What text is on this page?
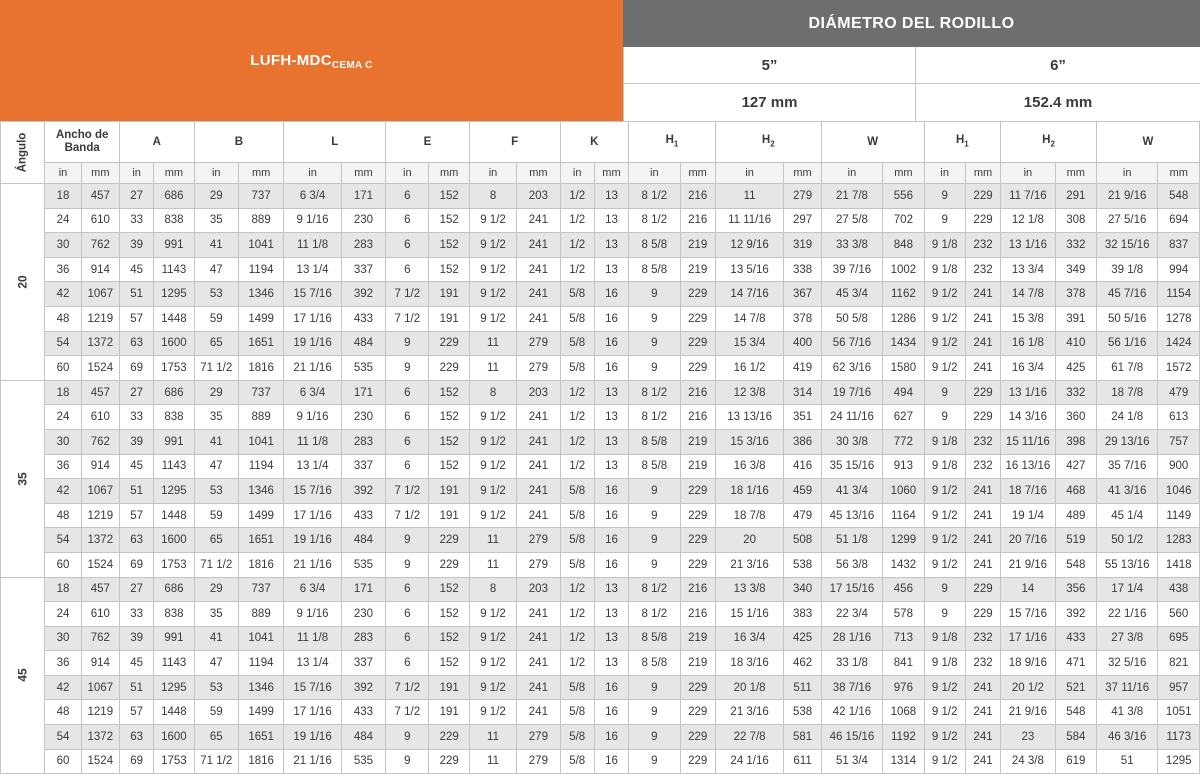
LUFH-MDC CEMA C
DIÁMETRO DEL RODILLO
5”	6”
127 mm	152.4 mm
Ángulo	Ancho de Banda		A		B		L		E		F		K		$H_1$		$H_2$		W		$H_1$		$H_2$		W	
	in	mm	in	mm	in	mm	in	mm	in	mm	in	mm	in	mm	in	mm	in	mm	in	mm	in	mm	in	mm	in	mm
20	18	457	27	686	29	737	6 3/4	171	6	152	8	203	1/2	13	8 1/2	216	11	279	21 7/8	556	9	229	11 7/16	291	21 9/16	548
	24	610	33	838	35	889	9 1/16	230	6	152	9 1/2	241	1/2	13	8 1/2	216	11 11/16	297	27 5/8	702	9	229	12 1/8	308	27 5/16	694
	30	762	39	991	41	1041	11 1/8	283	6	152	9 1/2	241	1/2	13	8 5/8	219	12 9/16	319	33 3/8	848	9 1/8	232	13 1/16	332	32 15/16	837
	36	914	45	1143	47	1194	13 1/4	337	6	152	9 1/2	241	1/2	13	8 5/8	219	13 5/16	338	39 7/16	1002	9 1/8	232	13 3/4	349	39 1/8	994
	42	1067	51	1295	53	1346	15 7/16	392	7 1/2	191	9 1/2	241	5/8	16	9	229	14 7/16	367	45 3/4	1162	9 1/2	241	14 7/8	378	45 7/16	1154
	48	1219	57	1448	59	1499	17 1/16	433	7 1/2	191	9 1/2	241	5/8	16	9	229	14 7/8	378	50 5/8	1286	9 1/2	241	15 3/8	391	50 5/16	1278
	54	1372	63	1600	65	1651	19 1/16	484	9	229	11	279	5/8	16	9	229	15 3/4	400	56 7/16	1434	9 1/2	241	16 1/8	410	56 1/16	1424
	60	1524	69	1753	71 1/2	1816	21 1/16	535	9	229	11	279	5/8	16	9	229	16 1/2	419	62 3/16	1580	9 1/2	241	16 3/4	425	61 7/8	1572
35	18	457	27	686	29	737	6 3/4	171	6	152	8	203	1/2	13	8 1/2	216	12 3/8	314	19 7/16	494	9	229	13 1/16	332	18 7/8	479
	24	610	33	838	35	889	9 1/16	230	6	152	9 1/2	241	1/2	13	8 1/2	216	13 13/16	351	24 11/16	627	9	229	14 3/16	360	24 1/8	613
	30	762	39	991	41	1041	11 1/8	283	6	152	9 1/2	241	1/2	13	8 5/8	219	15 3/16	386	30 3/8	772	9 1/8	232	15 11/16	398	29 13/16	757
	36	914	45	1143	47	1194	13 1/4	337	6	152	9 1/2	241	1/2	13	8 5/8	219	16 3/8	416	35 15/16	913	9 1/8	232	16 13/16	427	35 7/16	900
	42	1067	51	1295	53	1346	15 7/16	392	7 1/2	191	9 1/2	241	5/8	16	9	229	18 1/16	459	41 3/4	1060	9 1/2	241	18 7/16	468	41 3/16	1046
	48	1219	57	1448	59	1499	17 1/16	433	7 1/2	191	9 1/2	241	5/8	16	9	229	18 7/8	479	45 13/16	1164	9 1/2	241	19 1/4	489	45 1/4	1149
	54	1372	63	1600	65	1651	19 1/16	484	9	229	11	279	5/8	16	9	229	20	508	51 1/8	1299	9 1/2	241	20 7/16	519	50 1/2	1283
	60	1524	69	1753	71 1/2	1816	21 1/16	535	9	229	11	279	5/8	16	9	229	21 3/16	538	56 3/8	1432	9 1/2	241	21 9/16	548	55 13/16	1418
45	18	457	27	686	29	737	6 3/4	171	6	152	8	203	1/2	13	8 1/2	216	13 3/8	340	17 15/16	456	9	229	14	356	17 1/4	438
	24	610	33	838	35	889	9 1/16	230	6	152	9 1/2	241	1/2	13	8 1/2	216	15 1/16	383	22 3/4	578	9	229	15 7/16	392	22 1/16	560
	30	762	39	991	41	1041	11 1/8	283	6	152	9 1/2	241	1/2	13	8 5/8	219	16 3/4	425	28 1/16	713	9 1/8	232	17 1/16	433	27 3/8	695
	36	914	45	1143	47	1194	13 1/4	337	6	152	9 1/2	241	1/2	13	8 5/8	219	18 3/16	462	33 1/8	841	9 1/8	232	18 9/16	471	32 5/16	821
	42	1067	51	1295	53	1346	15 7/16	392	7 1/2	191	9 1/2	241	5/8	16	9	229	20 1/8	511	38 7/16	976	9 1/2	241	20 1/2	521	37 11/16	957
	48	1219	57	1448	59	1499	17 1/16	433	7 1/2	191	9 1/2	241	5/8	16	9	229	21 3/16	538	42 1/16	1068	9 1/2	241	21 9/16	548	41 3/8	1051
	54	1372	63	1600	65	1651	19 1/16	484	9	229	11	279	5/8	16	9	229	22 7/8	581	46 15/16	1192	9 1/2	241	23	584	46 3/16	1173
	60	1524	69	1753	71 1/2	1816	21 1/16	535	9	229	11	279	5/8	16	9	229	24 1/16	611	51 3/4	1314	9 1/2	241	24 3/8	619	51	1295
